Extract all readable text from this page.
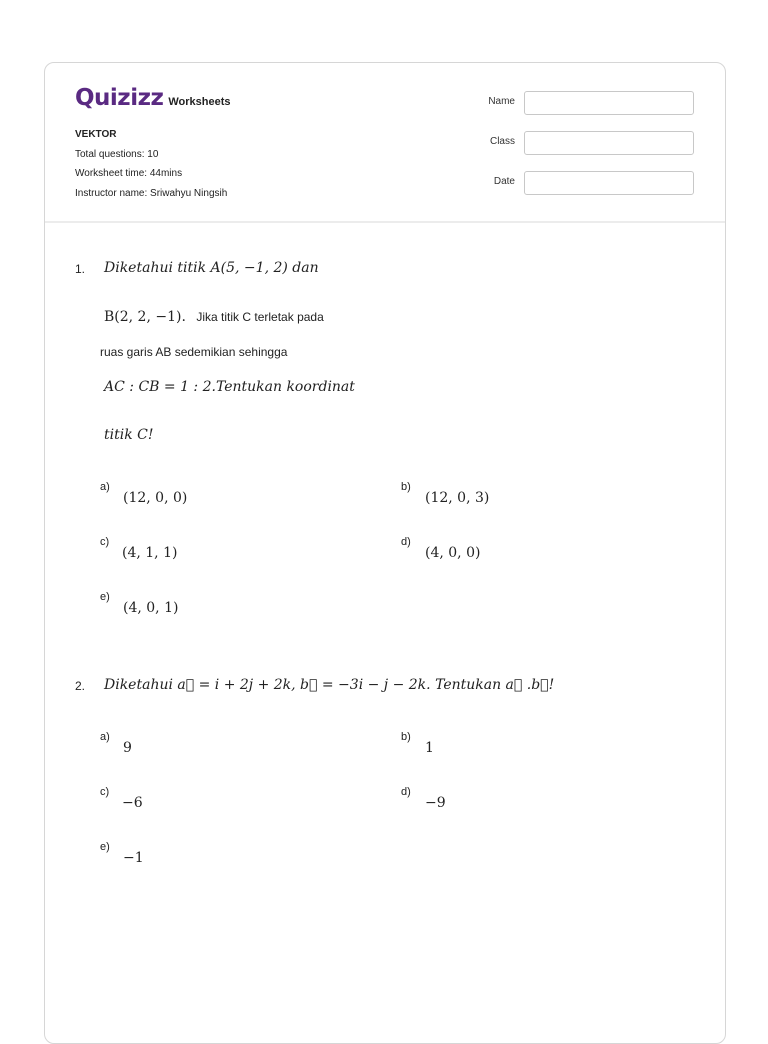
Quizizz Worksheets
VEKTOR
Total questions: 10
Worksheet time: 44mins
Instructor name: Sriwahyu Ningsih
Name
Class
Date
1. Diketahui titik A(5, −1, 2) dan
B(2, 2, −1). Jika titik C terletak pada
ruas garis AB sedemikian sehingga
AC : CB = 1 : 2.Tentukan koordinat
titik C!
a)
(12, 0, 0)
b)
(12, 0, 3)
c)
(4, 1, 1)
d)
(4, 0, 0)
e)
(4, 0, 1)
2. Diketahui a⃗ = i + 2j + 2k, b⃗ = −3i − j − 2k. Tentukan a⃗ .b⃗!
a)
9
b)
1
c)
−6
d)
−9
e)
−1
